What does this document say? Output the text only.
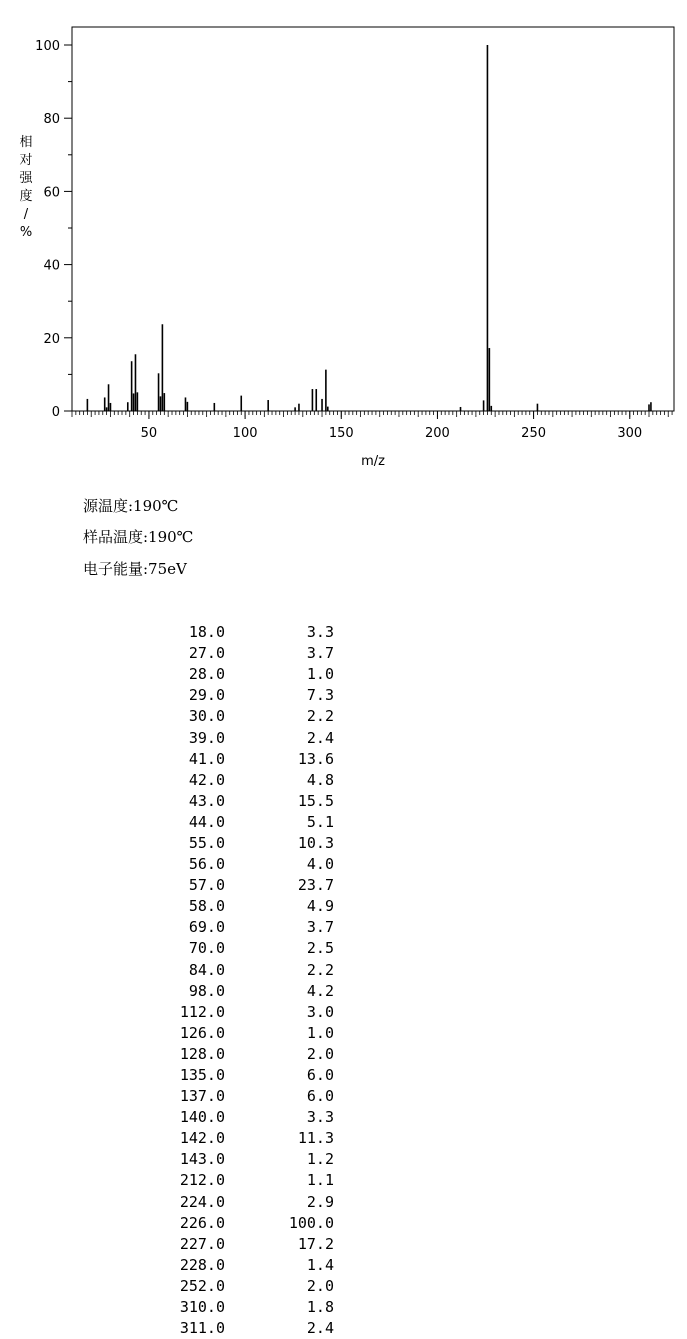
50	100	150	200	250	300
0
20
40
60
80
100
m/z
相对强度/ %
源温度:190℃
样品温度:190℃
电子能量:75eV
18.0	3.3
27.0	3.7
28.0	1.0
29.0	7.3
30.0	2.2
39.0	2.4
41.0	13.6
42.0	4.8
43.0	15.5
44.0	5.1
55.0	10.3
56.0	4.0
57.0	23.7
58.0	4.9
69.0	3.7
70.0	2.5
84.0	2.2
98.0	4.2
112.0	3.0
126.0	1.0
128.0	2.0
135.0	6.0
137.0	6.0
140.0	3.3
142.0	11.3
143.0	1.2
212.0	1.1
224.0	2.9
226.0	100.0
227.0	17.2
228.0	1.4
252.0	2.0
310.0	1.8
311.0	2.4
